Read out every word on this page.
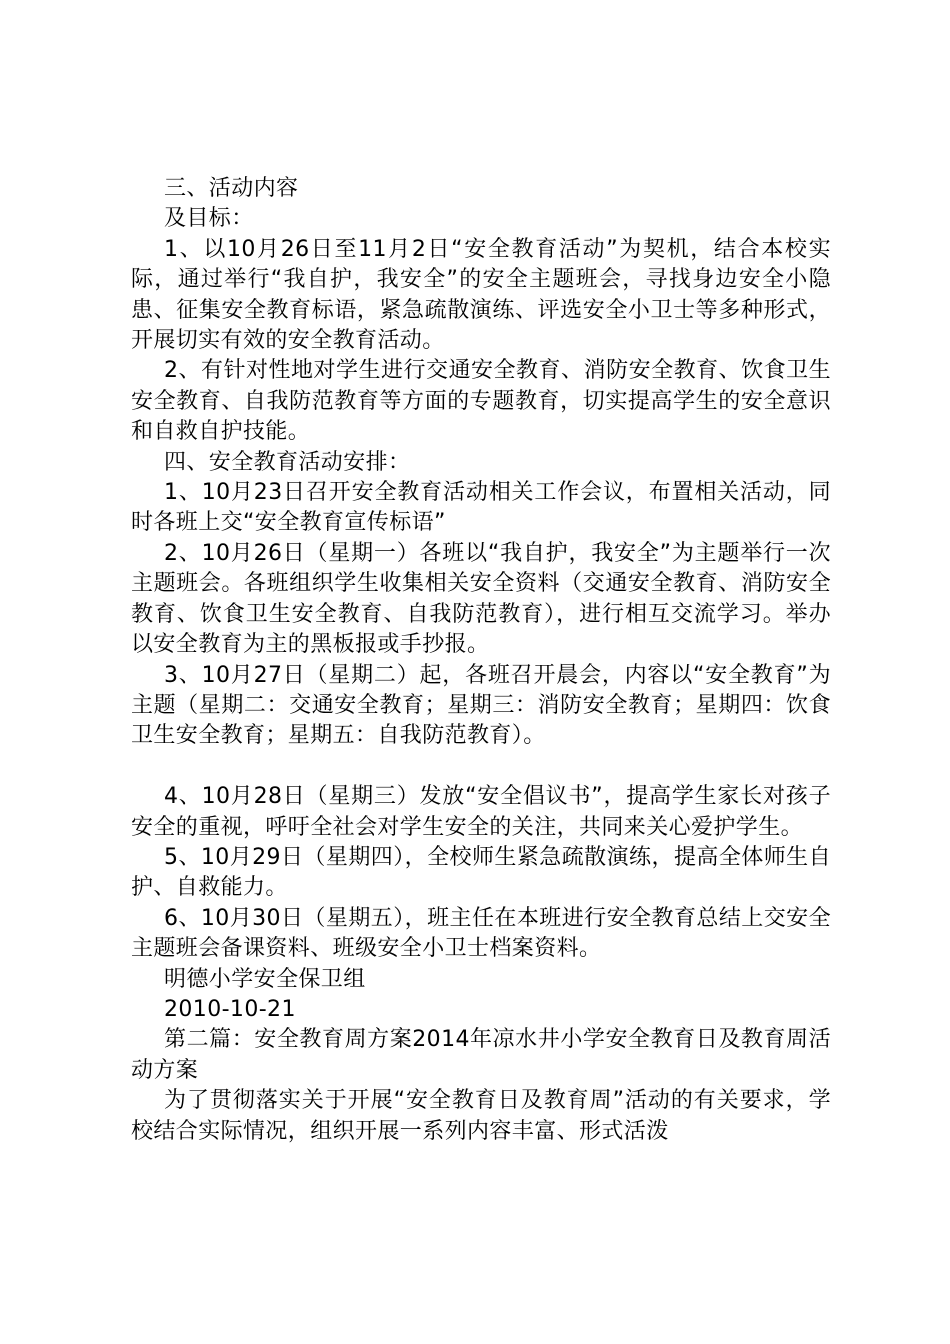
三、活动内容

及目标：

1、以10月26日至11月2日“安全教育活动”为契机，结合本校实际，通过举行“我自护，我安全”的安全主题班会，寻找身边安全小隐患、征集安全教育标语，紧急疏散演练、评选安全小卫士等多种形式，开展切实有效的安全教育活动。

2、有针对性地对学生进行交通安全教育、消防安全教育、饮食卫生安全教育、自我防范教育等方面的专题教育，切实提高学生的安全意识和自救自护技能。

四、安全教育活动安排：

1、10月23日召开安全教育活动相关工作会议，布置相关活动，同时各班上交“安全教育宣传标语”

2、10月26日（星期一）各班以“我自护，我安全”为主题举行一次主题班会。各班组织学生收集相关安全资料（交通安全教育、消防安全教育、饮食卫生安全教育、自我防范教育），进行相互交流学习。举办以安全教育为主的黑板报或手抄报。

3、10月27日（星期二）起，各班召开晨会，内容以“安全教育”为主题（星期二：交通安全教育；星期三：消防安全教育；星期四：饮食卫生安全教育；星期五：自我防范教育）。

4、10月28日（星期三）发放“安全倡议书”，提高学生家长对孩子安全的重视，呼吁全社会对学生安全的关注，共同来关心爱护学生。

5、10月29日（星期四），全校师生紧急疏散演练，提高全体师生自护、自救能力。

6、10月30日（星期五），班主任在本班进行安全教育总结上交安全主题班会备课资料、班级安全小卫士档案资料。

明德小学安全保卫组

2010-10-21

第二篇：安全教育周方案2014年凉水井小学安全教育日及教育周活动方案

为了贯彻落实关于开展“安全教育日及教育周”活动的有关要求，学校结合实际情况，组织开展一系列内容丰富、形式活泼
